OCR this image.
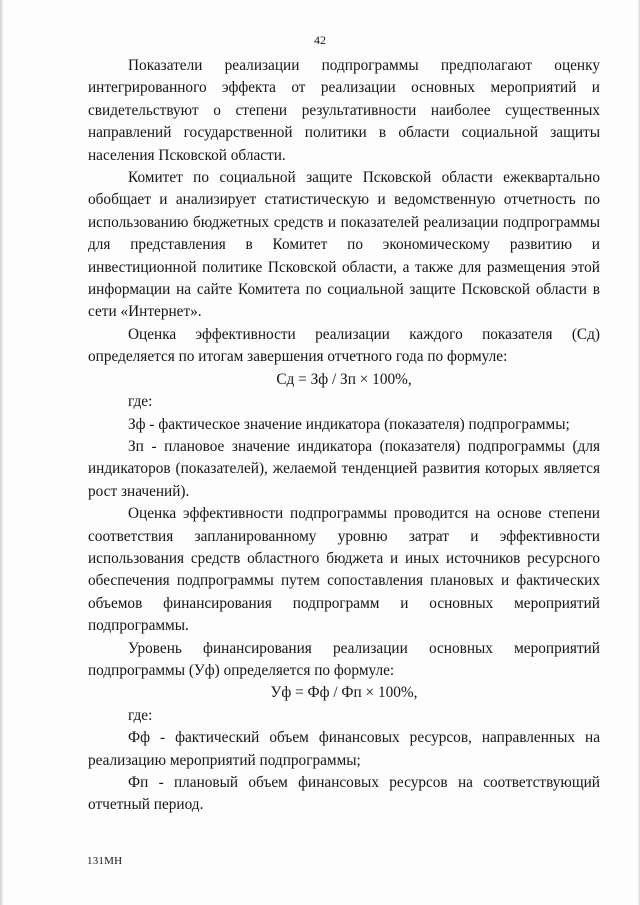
42

Показатели реализации подпрограммы предполагают оценку интегрированного эффекта от реализации основных мероприятий и свидетельствуют о степени результативности наиболее существенных направлений государственной политики в области социальной защиты населения Псковской области.

Комитет по социальной защите Псковской области ежеквартально обобщает и анализирует статистическую и ведомственную отчетность по использованию бюджетных средств и показателей реализации подпрограммы для представления в Комитет по экономическому развитию и инвестиционной политике Псковской области, а также для размещения этой информации на сайте Комитета по социальной защите Псковской области в сети «Интернет».

Оценка эффективности реализации каждого показателя (Сд) определяется по итогам завершения отчетного года по формуле:

Сд = Зф / Зп × 100%,

где:

Зф - фактическое значение индикатора (показателя) подпрограммы;

Зп - плановое значение индикатора (показателя) подпрограммы (для индикаторов (показателей), желаемой тенденцией развития которых является рост значений).

Оценка эффективности подпрограммы проводится на основе степени соответствия запланированному уровню затрат и эффективности использования средств областного бюджета и иных источников ресурсного обеспечения подпрограммы путем сопоставления плановых и фактических объемов финансирования подпрограмм и основных мероприятий подпрограммы.

Уровень финансирования реализации основных мероприятий подпрограммы (Уф) определяется по формуле:

Уф = Фф / Фп × 100%,

где:

Фф - фактический объем финансовых ресурсов, направленных на реализацию мероприятий подпрограммы;

Фп - плановый объем финансовых ресурсов на соответствующий отчетный период.

131МН
